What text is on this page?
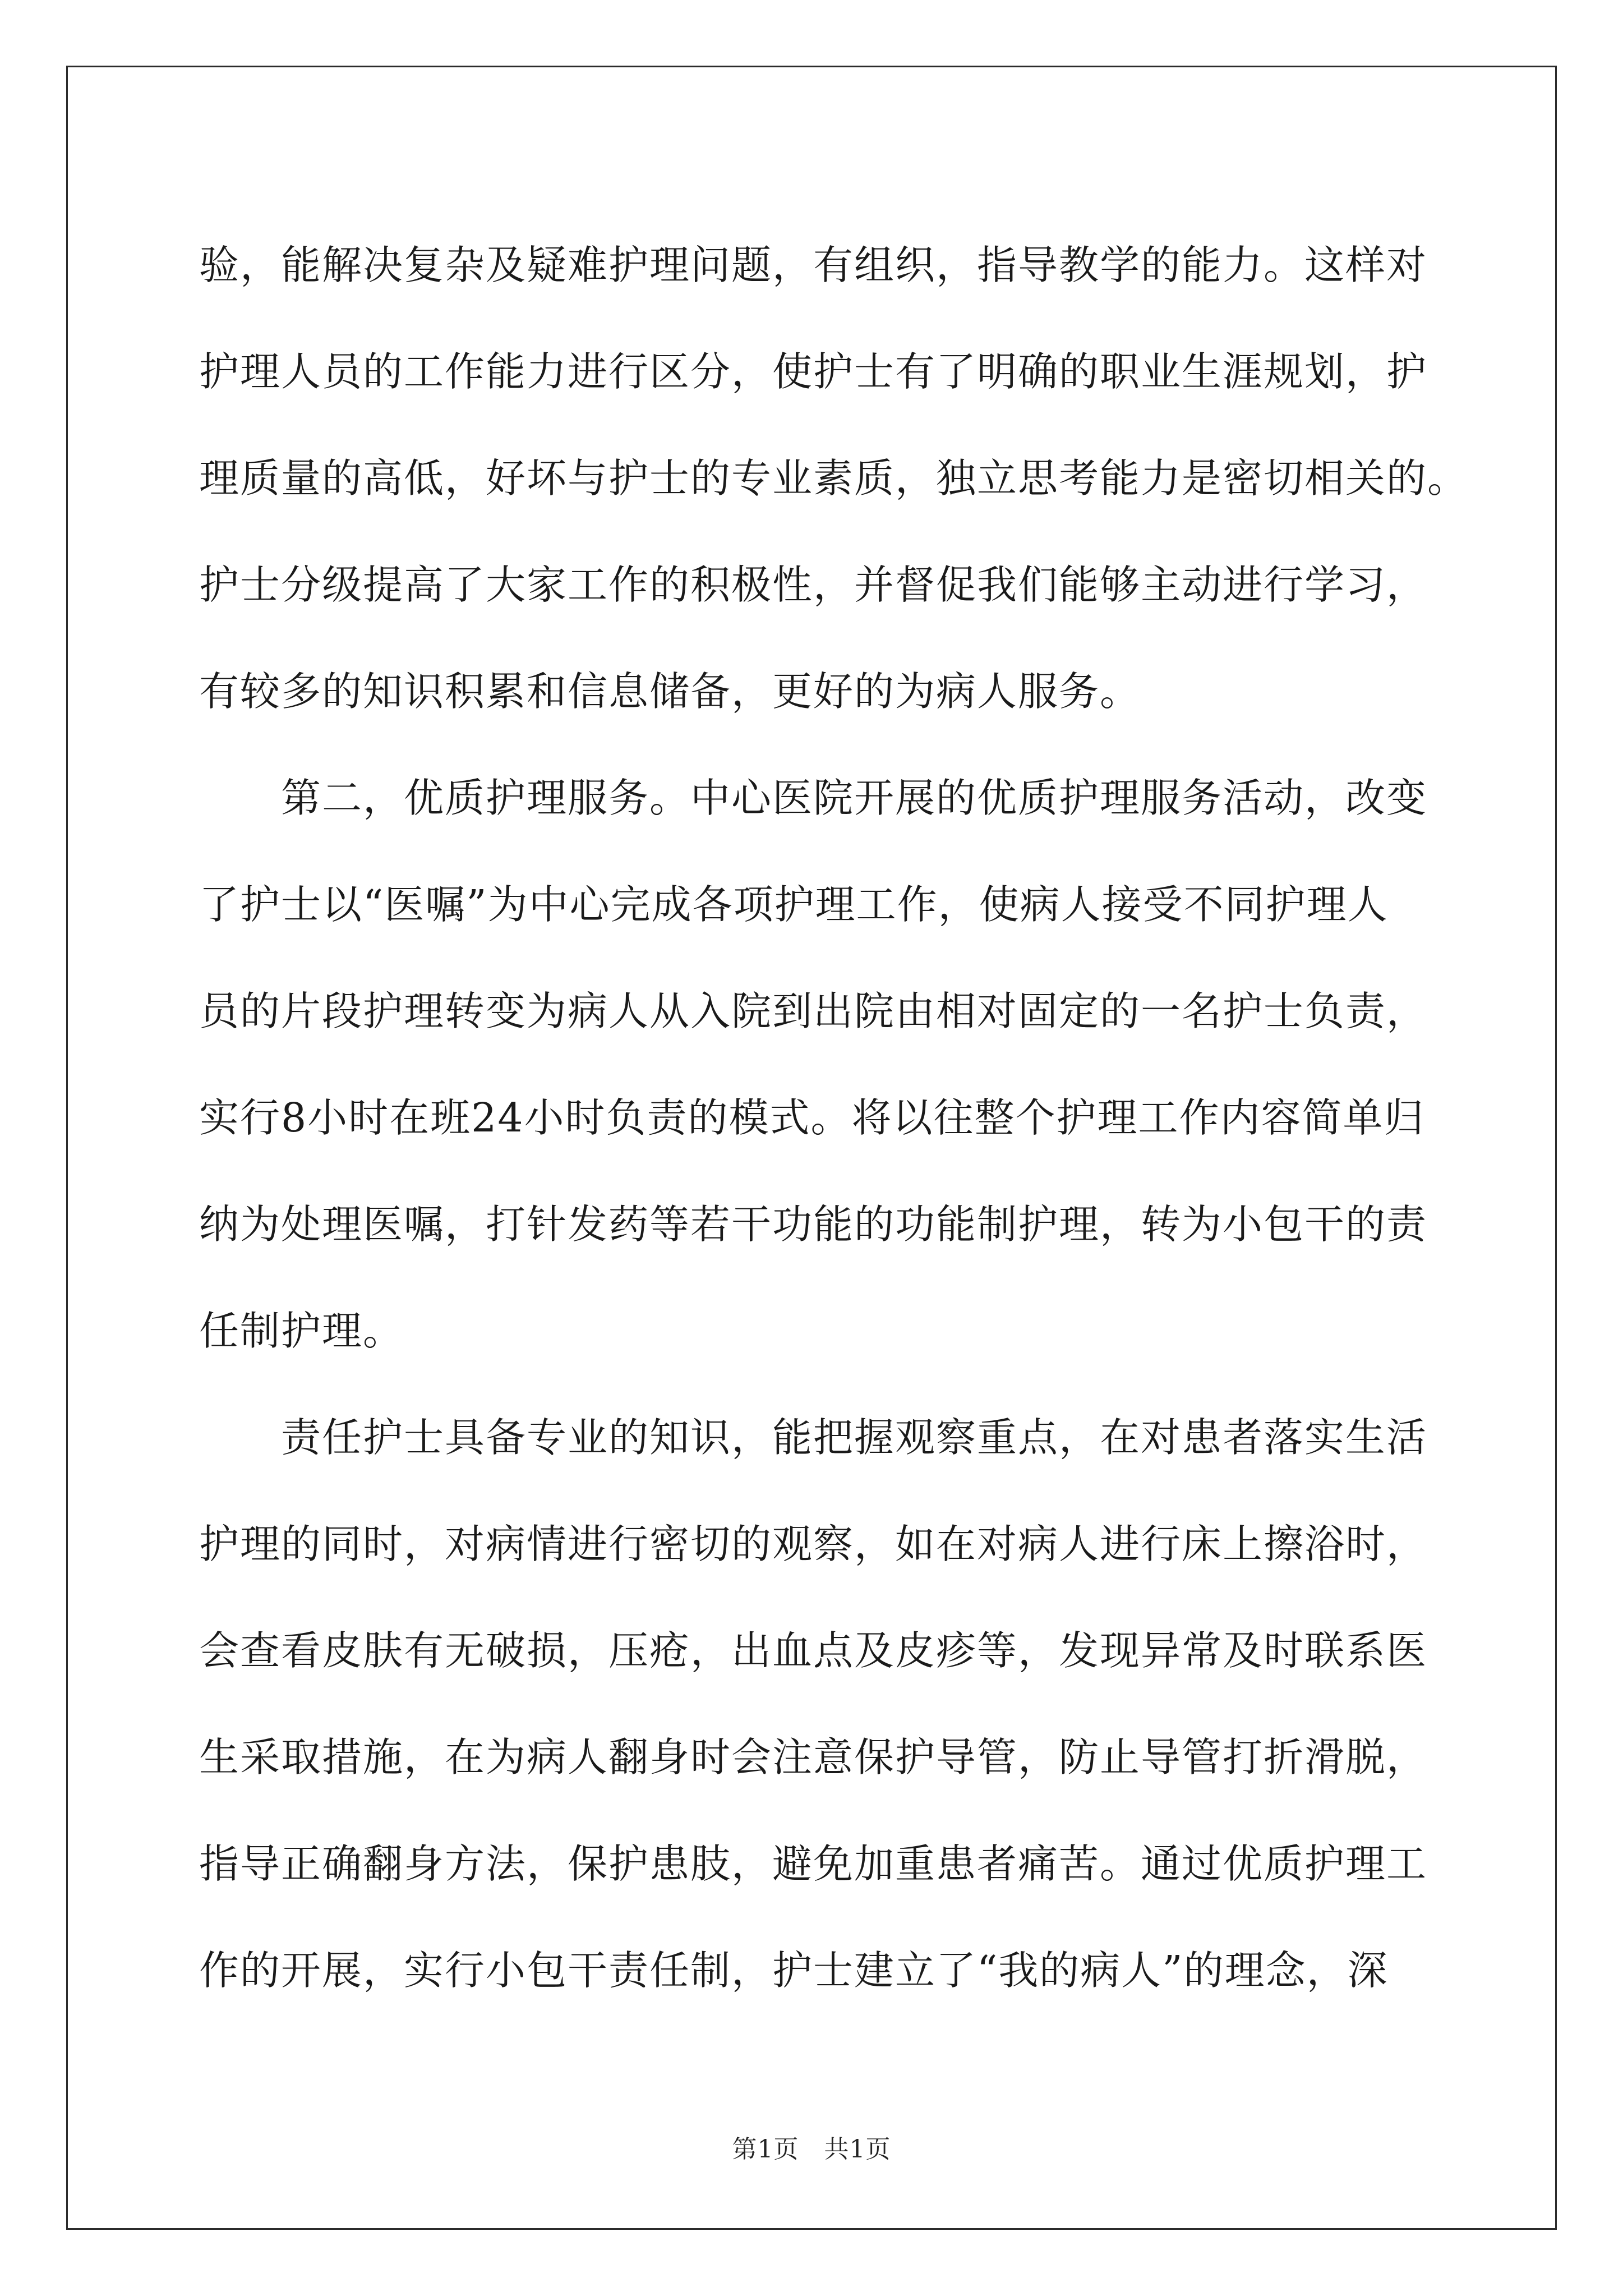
验，能解决复杂及疑难护理问题，有组织，指导教学的能力。这样对
护理人员的工作能力进行区分，使护士有了明确的职业生涯规划，护
理质量的高低，好坏与护士的专业素质，独立思考能力是密切相关的。
护士分级提高了大家工作的积极性，并督促我们能够主动进行学习，
有较多的知识积累和信息储备，更好的为病人服务。
　　第二，优质护理服务。中心医院开展的优质护理服务活动，改变
了护士以“医嘱”为中心完成各项护理工作，使病人接受不同护理人
员的片段护理转变为病人从入院到出院由相对固定的一名护士负责，
实行8小时在班24小时负责的模式。将以往整个护理工作内容简单归
纳为处理医嘱，打针发药等若干功能的功能制护理，转为小包干的责
任制护理。
　　责任护士具备专业的知识，能把握观察重点，在对患者落实生活
护理的同时，对病情进行密切的观察，如在对病人进行床上擦浴时，
会查看皮肤有无破损，压疮，出血点及皮疹等，发现异常及时联系医
生采取措施，在为病人翻身时会注意保护导管，防止导管打折滑脱，
指导正确翻身方法，保护患肢，避免加重患者痛苦。通过优质护理工
作的开展，实行小包干责任制，护士建立了“我的病人”的理念，深
第1页　共1页
